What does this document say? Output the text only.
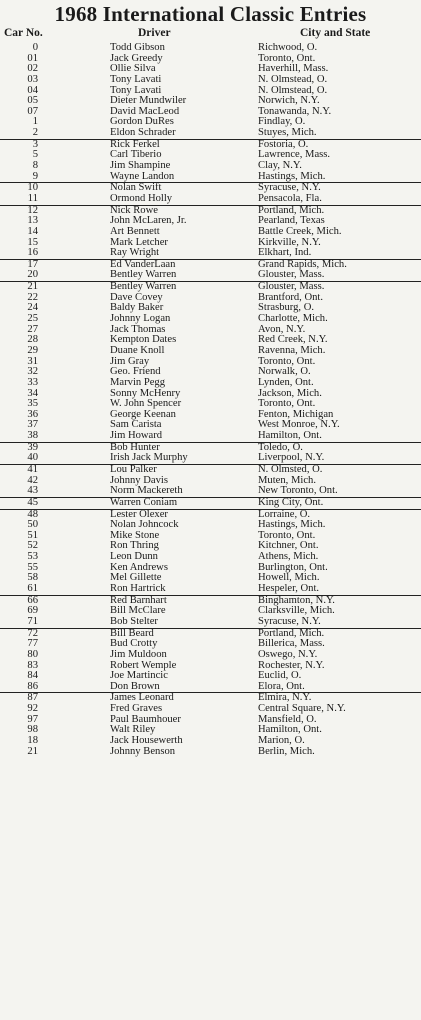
1968 International Classic Entries
Car No.	Driver	City and State
0	Todd Gibson	Richwood, O.
01	Jack Greedy	Toronto, Ont.
02	Ollie Silva	Haverhill, Mass.
03	Tony Lavati	N. Olmstead, O.
04	Tony Lavati	N. Olmstead, O.
05	Dieter Mundwiler	Norwich, N.Y.
07	David MacLeod	Tonawanda, N.Y.
1	Gordon DuRes	Findlay, O.
2	Eldon Schrader	Stuyes, Mich.
3	Rick Ferkel	Fostoria, O.
5	Carl Tiberio	Lawrence, Mass.
8	Jim Shampine	Clay, N.Y.
9	Wayne Landon	Hastings, Mich.
10	Nolan Swift	Syracuse, N.Y.
11	Ormond Holly	Pensacola, Fla.
12	Nick Rowe	Portland, Mich.
13	John McLaren, Jr.	Pearland, Texas
14	Art Bennett	Battle Creek, Mich.
15	Mark Letcher	Kirkville, N.Y.
16	Ray Wright	Elkhart, Ind.
17	Ed VanderLaan	Grand Rapids, Mich.
20	Bentley Warren	Glouster, Mass.
21	Bentley Warren	Glouster, Mass.
22	Dave Covey	Brantford, Ont.
24	Baldy Baker	Strasburg, O.
25	Johnny Logan	Charlotte, Mich.
27	Jack Thomas	Avon, N.Y.
28	Kempton Dates	Red Creek, N.Y.
29	Duane Knoll	Ravenna, Mich.
31	Jim Gray	Toronto, Ont.
32	Geo. Friend	Norwalk, O.
33	Marvin Pegg	Lynden, Ont.
34	Sonny McHenry	Jackson, Mich.
35	W. John Spencer	Toronto, Ont.
36	George Keenan	Fenton, Michigan
37	Sam Carista	West Monroe, N.Y.
38	Jim Howard	Hamilton, Ont.
39	Bob Hunter	Toledo, O.
40	Irish Jack Murphy	Liverpool, N.Y.
41	Lou Palker	N. Olmsted, O.
42	Johnny Davis	Muten, Mich.
43	Norm Mackereth	New Toronto, Ont.
45	Warren Coniam	King City, Ont.
48	Lester Olexer	Lorraine, O.
50	Nolan Johncock	Hastings, Mich.
51	Mike Stone	Toronto, Ont.
52	Ron Thring	Kitchner, Ont.
53	Leon Dunn	Athens, Mich.
55	Ken Andrews	Burlington, Ont.
58	Mel Gillette	Howell, Mich.
61	Ron Hartrick	Hespeler, Ont.
66	Red Barnhart	Binghamton, N.Y.
69	Bill McClare	Clarksville, Mich.
71	Bob Stelter	Syracuse, N.Y.
72	Bill Beard	Portland, Mich.
77	Bud Crotty	Billerica, Mass.
80	Jim Muldoon	Oswego, N.Y.
83	Robert Wemple	Rochester, N.Y.
84	Joe Martincic	Euclid, O.
86	Don Brown	Elora, Ont.
87	James Leonard	Elmira, N.Y.
92	Fred Graves	Central Square, N.Y.
97	Paul Baumhouer	Mansfield, O.
98	Walt Riley	Hamilton, Ont.
18	Jack Housewerth	Marion, O.
21	Johnny Benson	Berlin, Mich.
